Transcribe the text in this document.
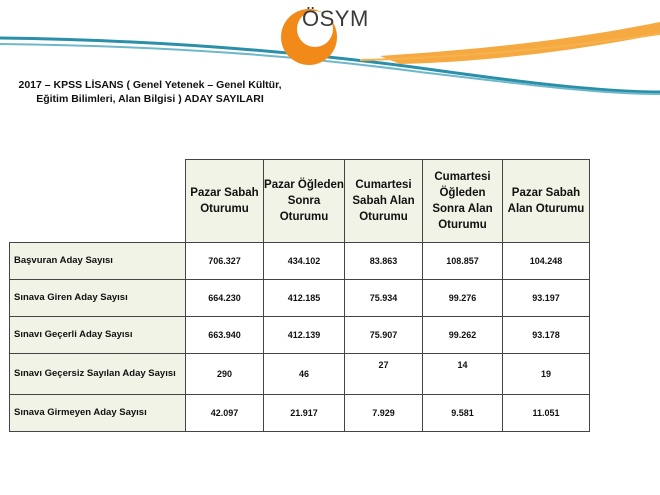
ÖSYM
2017 – KPSS LİSANS ( Genel Yetenek – Genel Kültür,
Eğitim Bilimleri, Alan Bilgisi ) ADAY SAYILARI
	Pazar Sabah Oturumu	Pazar Öğleden Sonra Oturumu	Cumartesi Sabah Alan Oturumu	Cumartesi Öğleden Sonra Alan Oturumu	Pazar Sabah Alan Oturumu
Başvuran Aday Sayısı	706.327	434.102	83.863	108.857	104.248
Sınava Giren Aday Sayısı	664.230	412.185	75.934	99.276	93.197
Sınavı Geçerli Aday Sayısı	663.940	412.139	75.907	99.262	93.178
Sınavı Geçersiz Sayılan Aday Sayısı	290	46	27	14	19
Sınava Girmeyen Aday Sayısı	42.097	21.917	7.929	9.581	11.051
